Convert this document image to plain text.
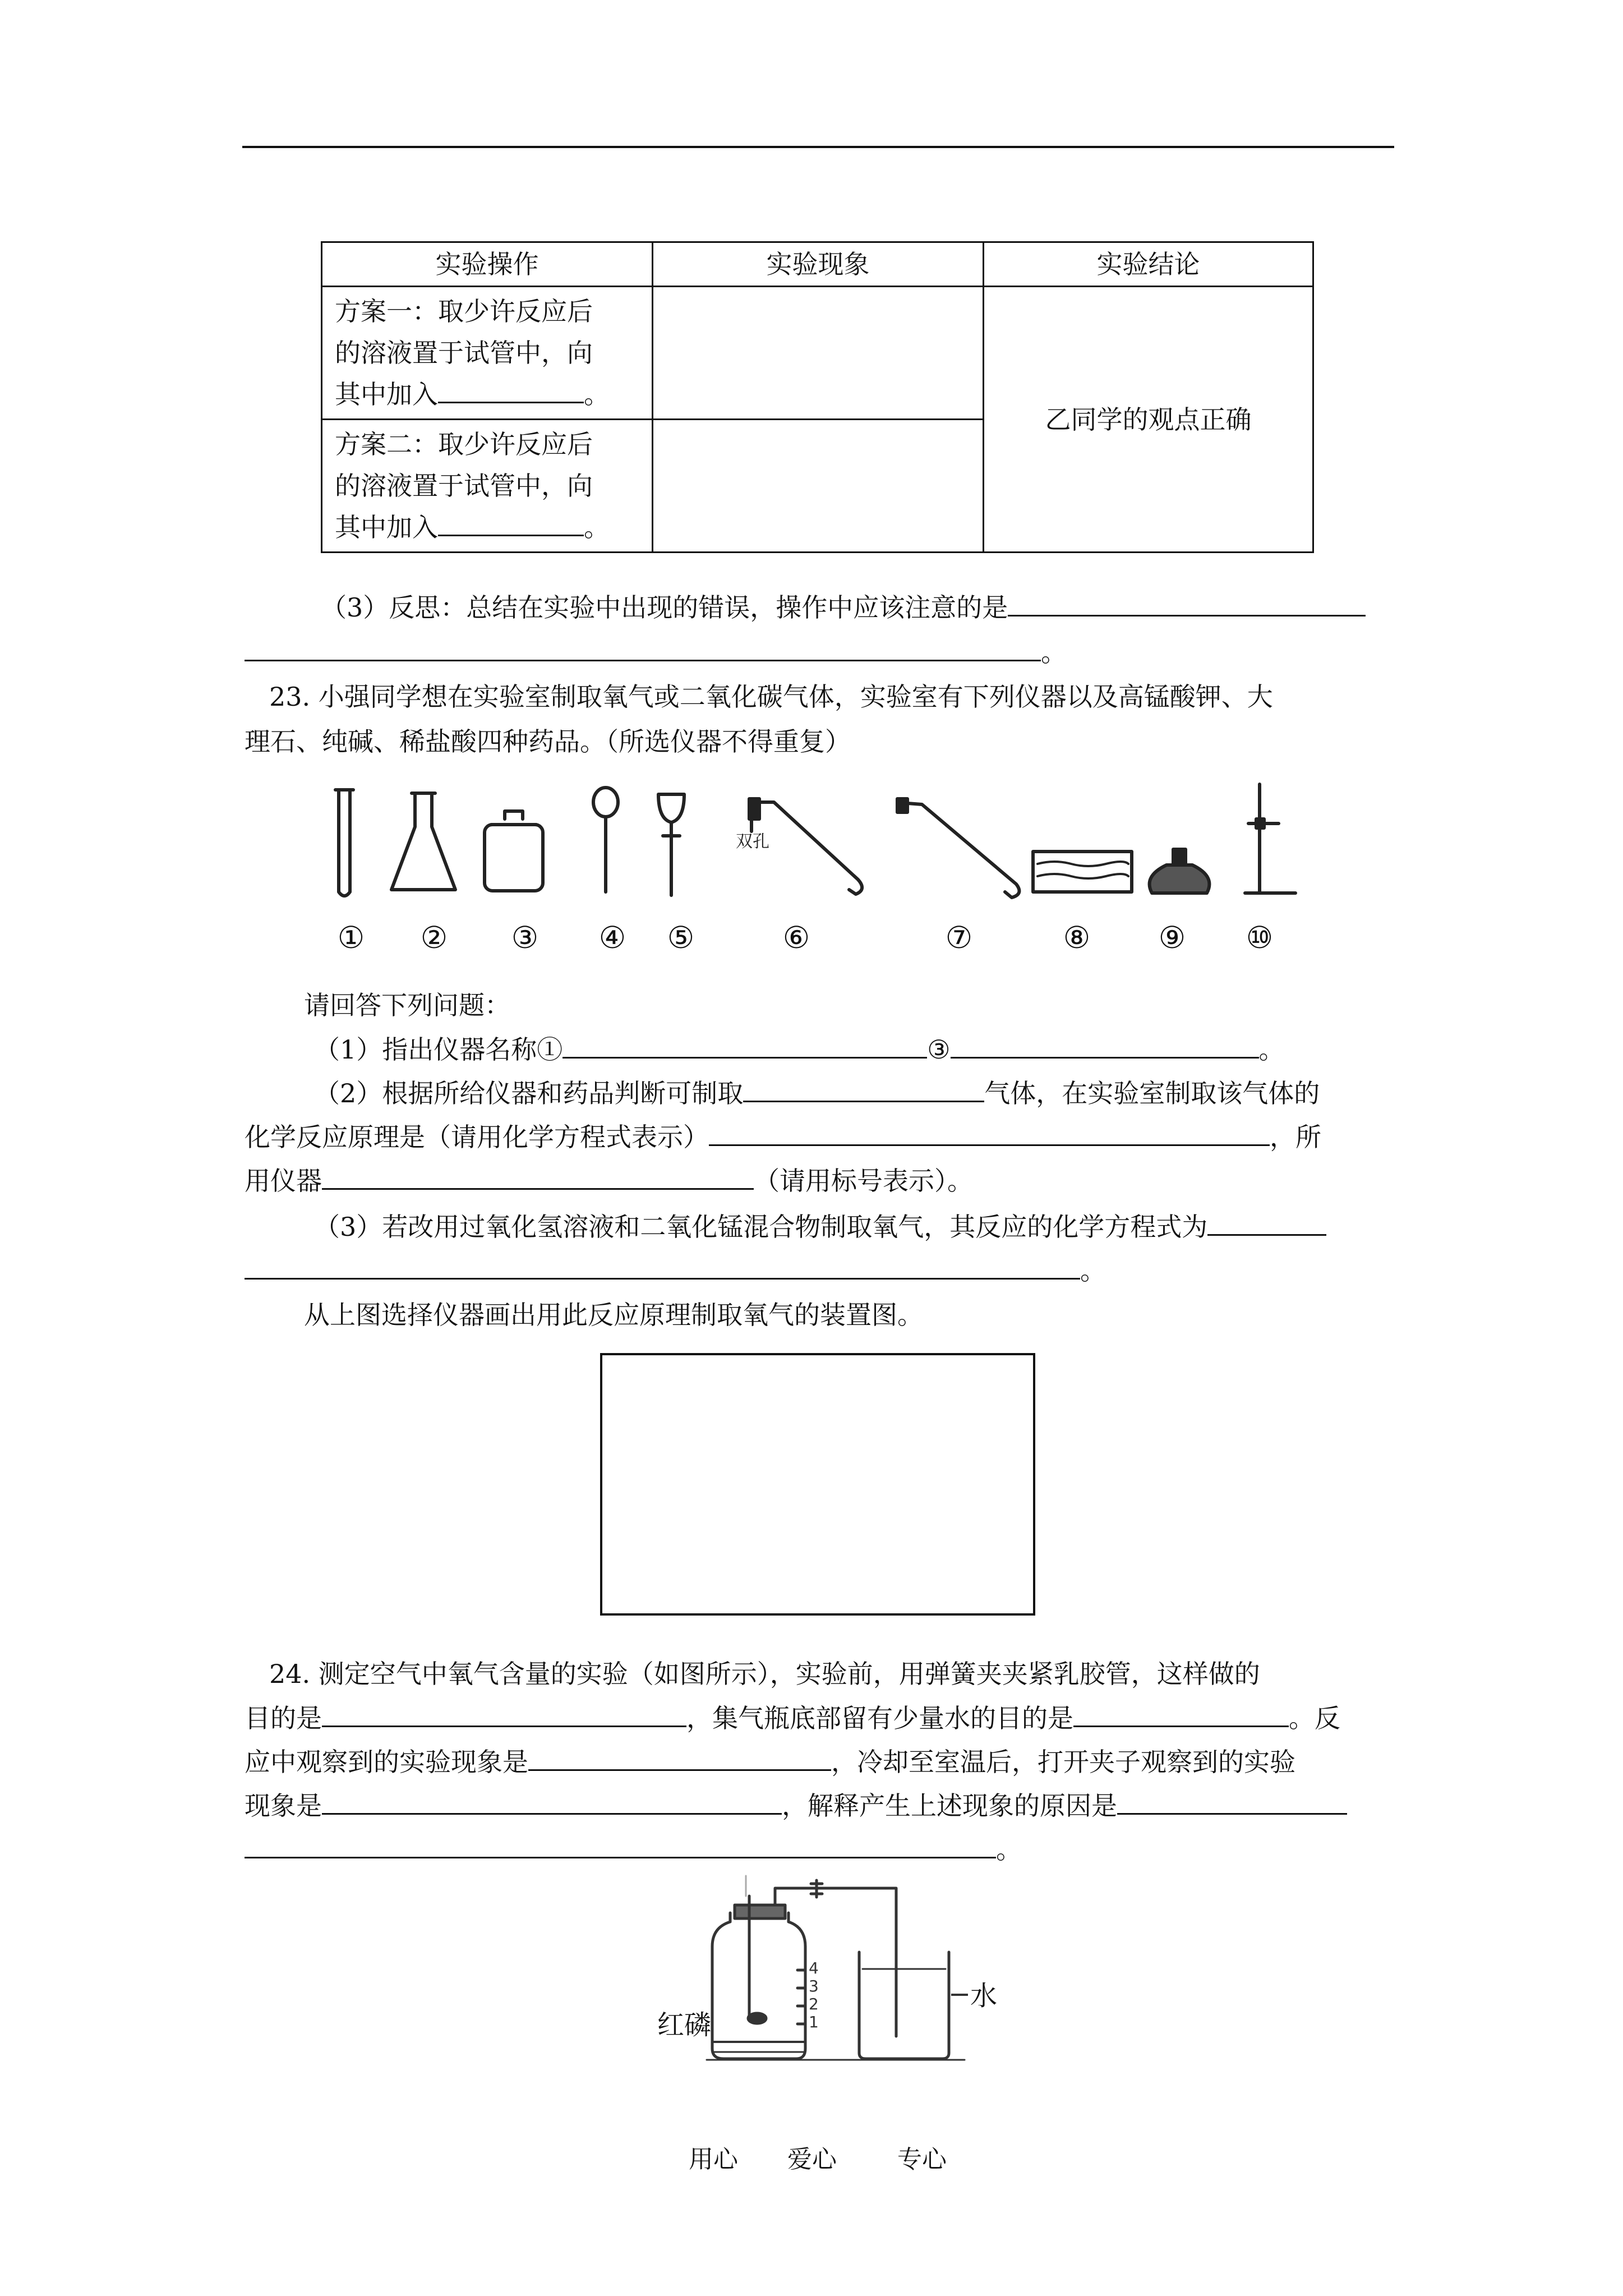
实验操作	实验现象	实验结论

方案一：取少许反应后
的溶液置于试管中，向
其中加入 。		乙同学的观点正确

方案二：取少许反应后
的溶液置于试管中，向
其中加入 。		

（3）反思：总结在实验中出现的错误，操作中应该注意的是
。
23. 小强同学想在实验室制取氧气或二氧化碳气体，实验室有下列仪器以及高锰酸钾、大
理石、纯碱、稀盐酸四种药品。（所选仪器不得重复）
双孔
① ② ③ ④ ⑤	⑥	⑦	⑧ ⑨ ⑩
请回答下列问题：
（1）指出仪器名称①	③	。
（2）根据所给仪器和药品判断可制取	气体，在实验室制取该气体的
化学反应原理是（请用化学方程式表示）	，所
用仪器	（请用标号表示）。
（3）若改用过氧化氢溶液和二氧化锰混合物制取氧气，其反应的化学方程式为
。
从上图选择仪器画出用此反应原理制取氧气的装置图。
24. 测定空气中氧气含量的实验（如图所示），实验前，用弹簧夹夹紧乳胶管，这样做的
目的是	，集气瓶底部留有少量水的目的是	。反
应中观察到的实验现象是	，冷却至室温后，打开夹子观察到的实验
现象是	，解释产生上述现象的原因是
。
4
3
2
1
红磷
水
用心 爱心 专心
